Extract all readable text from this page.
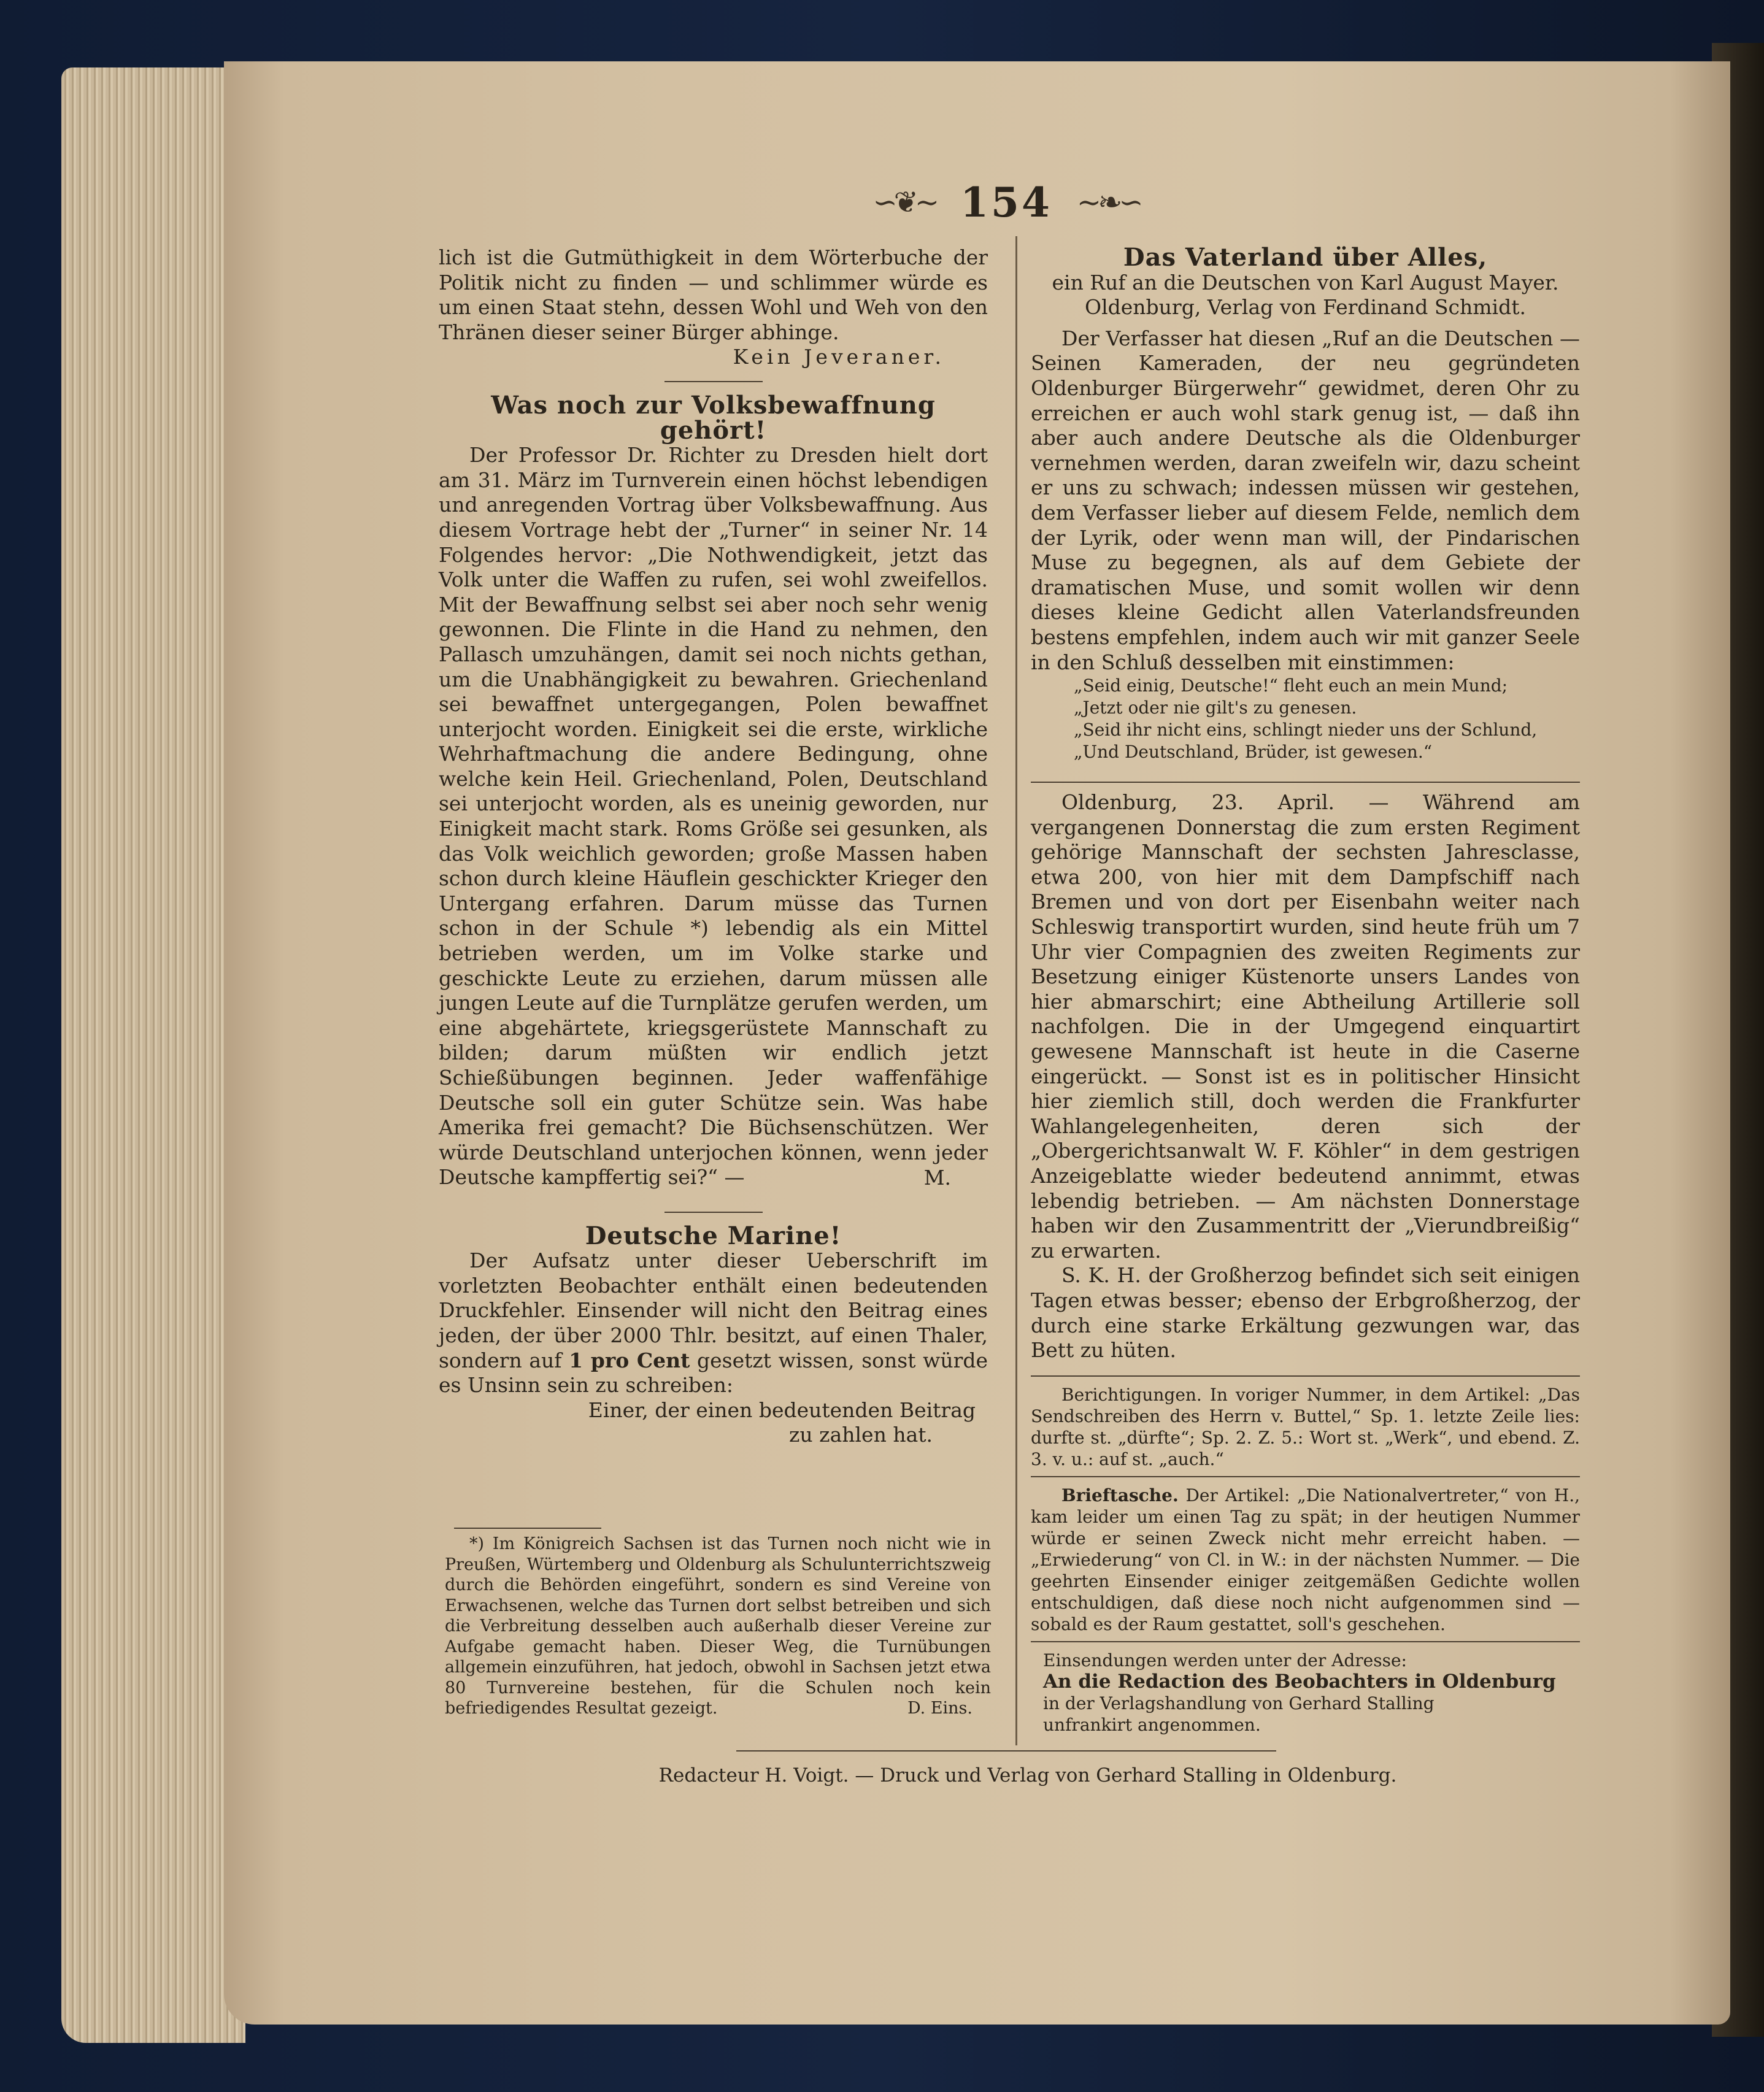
∽❦∼ 154 ∼❧∽

lich ist die Gutmüthigkeit in dem Wörterbuche der Politik nicht zu finden — und schlimmer würde es um einen Staat stehn, dessen Wohl und Weh von den Thränen dieser seiner Bürger abhinge.

Kein Jeveraner.

Was noch zur Volksbewaffnung gehört!

Der Professor Dr. Richter zu Dresden hielt dort am 31. März im Turnverein einen höchst lebendigen und anregenden Vortrag über Volksbewaffnung. Aus diesem Vortrage hebt der „Turner“ in seiner Nr. 14 Folgendes hervor: „Die Nothwendigkeit, jetzt das Volk unter die Waffen zu rufen, sei wohl zweifellos. Mit der Bewaffnung selbst sei aber noch sehr wenig gewonnen. Die Flinte in die Hand zu nehmen, den Pallasch umzuhängen, damit sei noch nichts gethan, um die Unabhängigkeit zu bewahren. Griechenland sei bewaffnet untergegangen, Polen bewaffnet unterjocht worden. Einigkeit sei die erste, wirkliche Wehrhaftmachung die andere Bedingung, ohne welche kein Heil. Griechenland, Polen, Deutschland sei unterjocht worden, als es uneinig geworden, nur Einigkeit macht stark. Roms Größe sei gesunken, als das Volk weichlich geworden; große Massen haben schon durch kleine Häuflein geschickter Krieger den Untergang erfahren. Darum müsse das Turnen schon in der Schule *) lebendig als ein Mittel betrieben werden, um im Volke starke und geschickte Leute zu erziehen, darum müssen alle jungen Leute auf die Turnplätze gerufen werden, um eine abgehärtete, kriegsgerüstete Mannschaft zu bilden; darum müßten wir endlich jetzt Schießübungen beginnen. Jeder waffenfähige Deutsche soll ein guter Schütze sein. Was habe Amerika frei gemacht? Die Büchsenschützen. Wer würde Deutschland unterjochen können, wenn jeder Deutsche kampffertig sei?“ —	M.

Deutsche Marine!

Der Aufsatz unter dieser Ueberschrift im vorletzten Beobachter enthält einen bedeutenden Druckfehler. Einsender will nicht den Beitrag eines jeden, der über 2000 Thlr. besitzt, auf einen Thaler, sondern auf 1 pro Cent gesetzt wissen, sonst würde es Unsinn sein zu schreiben:

Einer, der einen bedeutenden Beitrag

zu zahlen hat.

*) Im Königreich Sachsen ist das Turnen noch nicht wie in Preußen, Würtemberg und Oldenburg als Schulunterrichtszweig durch die Behörden eingeführt, sondern es sind Vereine von Erwachsenen, welche das Turnen dort selbst betreiben und sich die Verbreitung desselben auch außerhalb dieser Vereine zur Aufgabe gemacht haben. Dieser Weg, die Turnübungen allgemein einzuführen, hat jedoch, obwohl in Sachsen jetzt etwa 80 Turnvereine bestehen, für die Schulen noch kein befriedigendes Resultat gezeigt.	D. Eins.

Das Vaterland über Alles,

ein Ruf an die Deutschen von Karl August Mayer.

Oldenburg, Verlag von Ferdinand Schmidt.

Der Verfasser hat diesen „Ruf an die Deutschen — Seinen Kameraden, der neu gegründeten Oldenburger Bürgerwehr“ gewidmet, deren Ohr zu erreichen er auch wohl stark genug ist, — daß ihn aber auch andere Deutsche als die Oldenburger vernehmen werden, daran zweifeln wir, dazu scheint er uns zu schwach; indessen müssen wir gestehen, dem Verfasser lieber auf diesem Felde, nemlich dem der Lyrik, oder wenn man will, der Pindarischen Muse zu begegnen, als auf dem Gebiete der dramatischen Muse, und somit wollen wir denn dieses kleine Gedicht allen Vaterlandsfreunden bestens empfehlen, indem auch wir mit ganzer Seele in den Schluß desselben mit einstimmen:

„Seid einig, Deutsche!“ fleht euch an mein Mund;

„Jetzt oder nie gilt's zu genesen.

„Seid ihr nicht eins, schlingt nieder uns der Schlund,

„Und Deutschland, Brüder, ist gewesen.“

Oldenburg, 23. April. — Während am vergangenen Donnerstag die zum ersten Regiment gehörige Mannschaft der sechsten Jahresclasse, etwa 200, von hier mit dem Dampfschiff nach Bremen und von dort per Eisenbahn weiter nach Schleswig transportirt wurden, sind heute früh um 7 Uhr vier Compagnien des zweiten Regiments zur Besetzung einiger Küstenorte unsers Landes von hier abmarschirt; eine Abtheilung Artillerie soll nachfolgen. Die in der Umgegend einquartirt gewesene Mannschaft ist heute in die Caserne eingerückt. — Sonst ist es in politischer Hinsicht hier ziemlich still, doch werden die Frankfurter Wahlangelegenheiten, deren sich der „Obergerichtsanwalt W. F. Köhler“ in dem gestrigen Anzeigeblatte wieder bedeutend annimmt, etwas lebendig betrieben. — Am nächsten Donnerstage haben wir den Zusammentritt der „Vierundbreißig“ zu erwarten.

S. K. H. der Großherzog befindet sich seit einigen Tagen etwas besser; ebenso der Erbgroßherzog, der durch eine starke Erkältung gezwungen war, das Bett zu hüten.

Berichtigungen. In voriger Nummer, in dem Artikel: „Das Sendschreiben des Herrn v. Buttel,“ Sp. 1. letzte Zeile lies: durfte st. „dürfte“; Sp. 2. Z. 5.: Wort st. „Werk“, und ebend. Z. 3. v. u.: auf st. „auch.“

Brieftasche. Der Artikel: „Die Nationalvertreter,“ von H., kam leider um einen Tag zu spät; in der heutigen Nummer würde er seinen Zweck nicht mehr erreicht haben. — „Erwiederung“ von Cl. in W.: in der nächsten Nummer. — Die geehrten Einsender einiger zeitgemäßen Gedichte wollen entschuldigen, daß diese noch nicht aufgenommen sind — sobald es der Raum gestattet, soll's geschehen.

Einsendungen werden unter der Adresse:

An die Redaction des Beobachters in Oldenburg

in der Verlagshandlung von Gerhard Stalling

unfrankirt angenommen.

Redacteur H. Voigt. — Druck und Verlag von Gerhard Stalling in Oldenburg.
